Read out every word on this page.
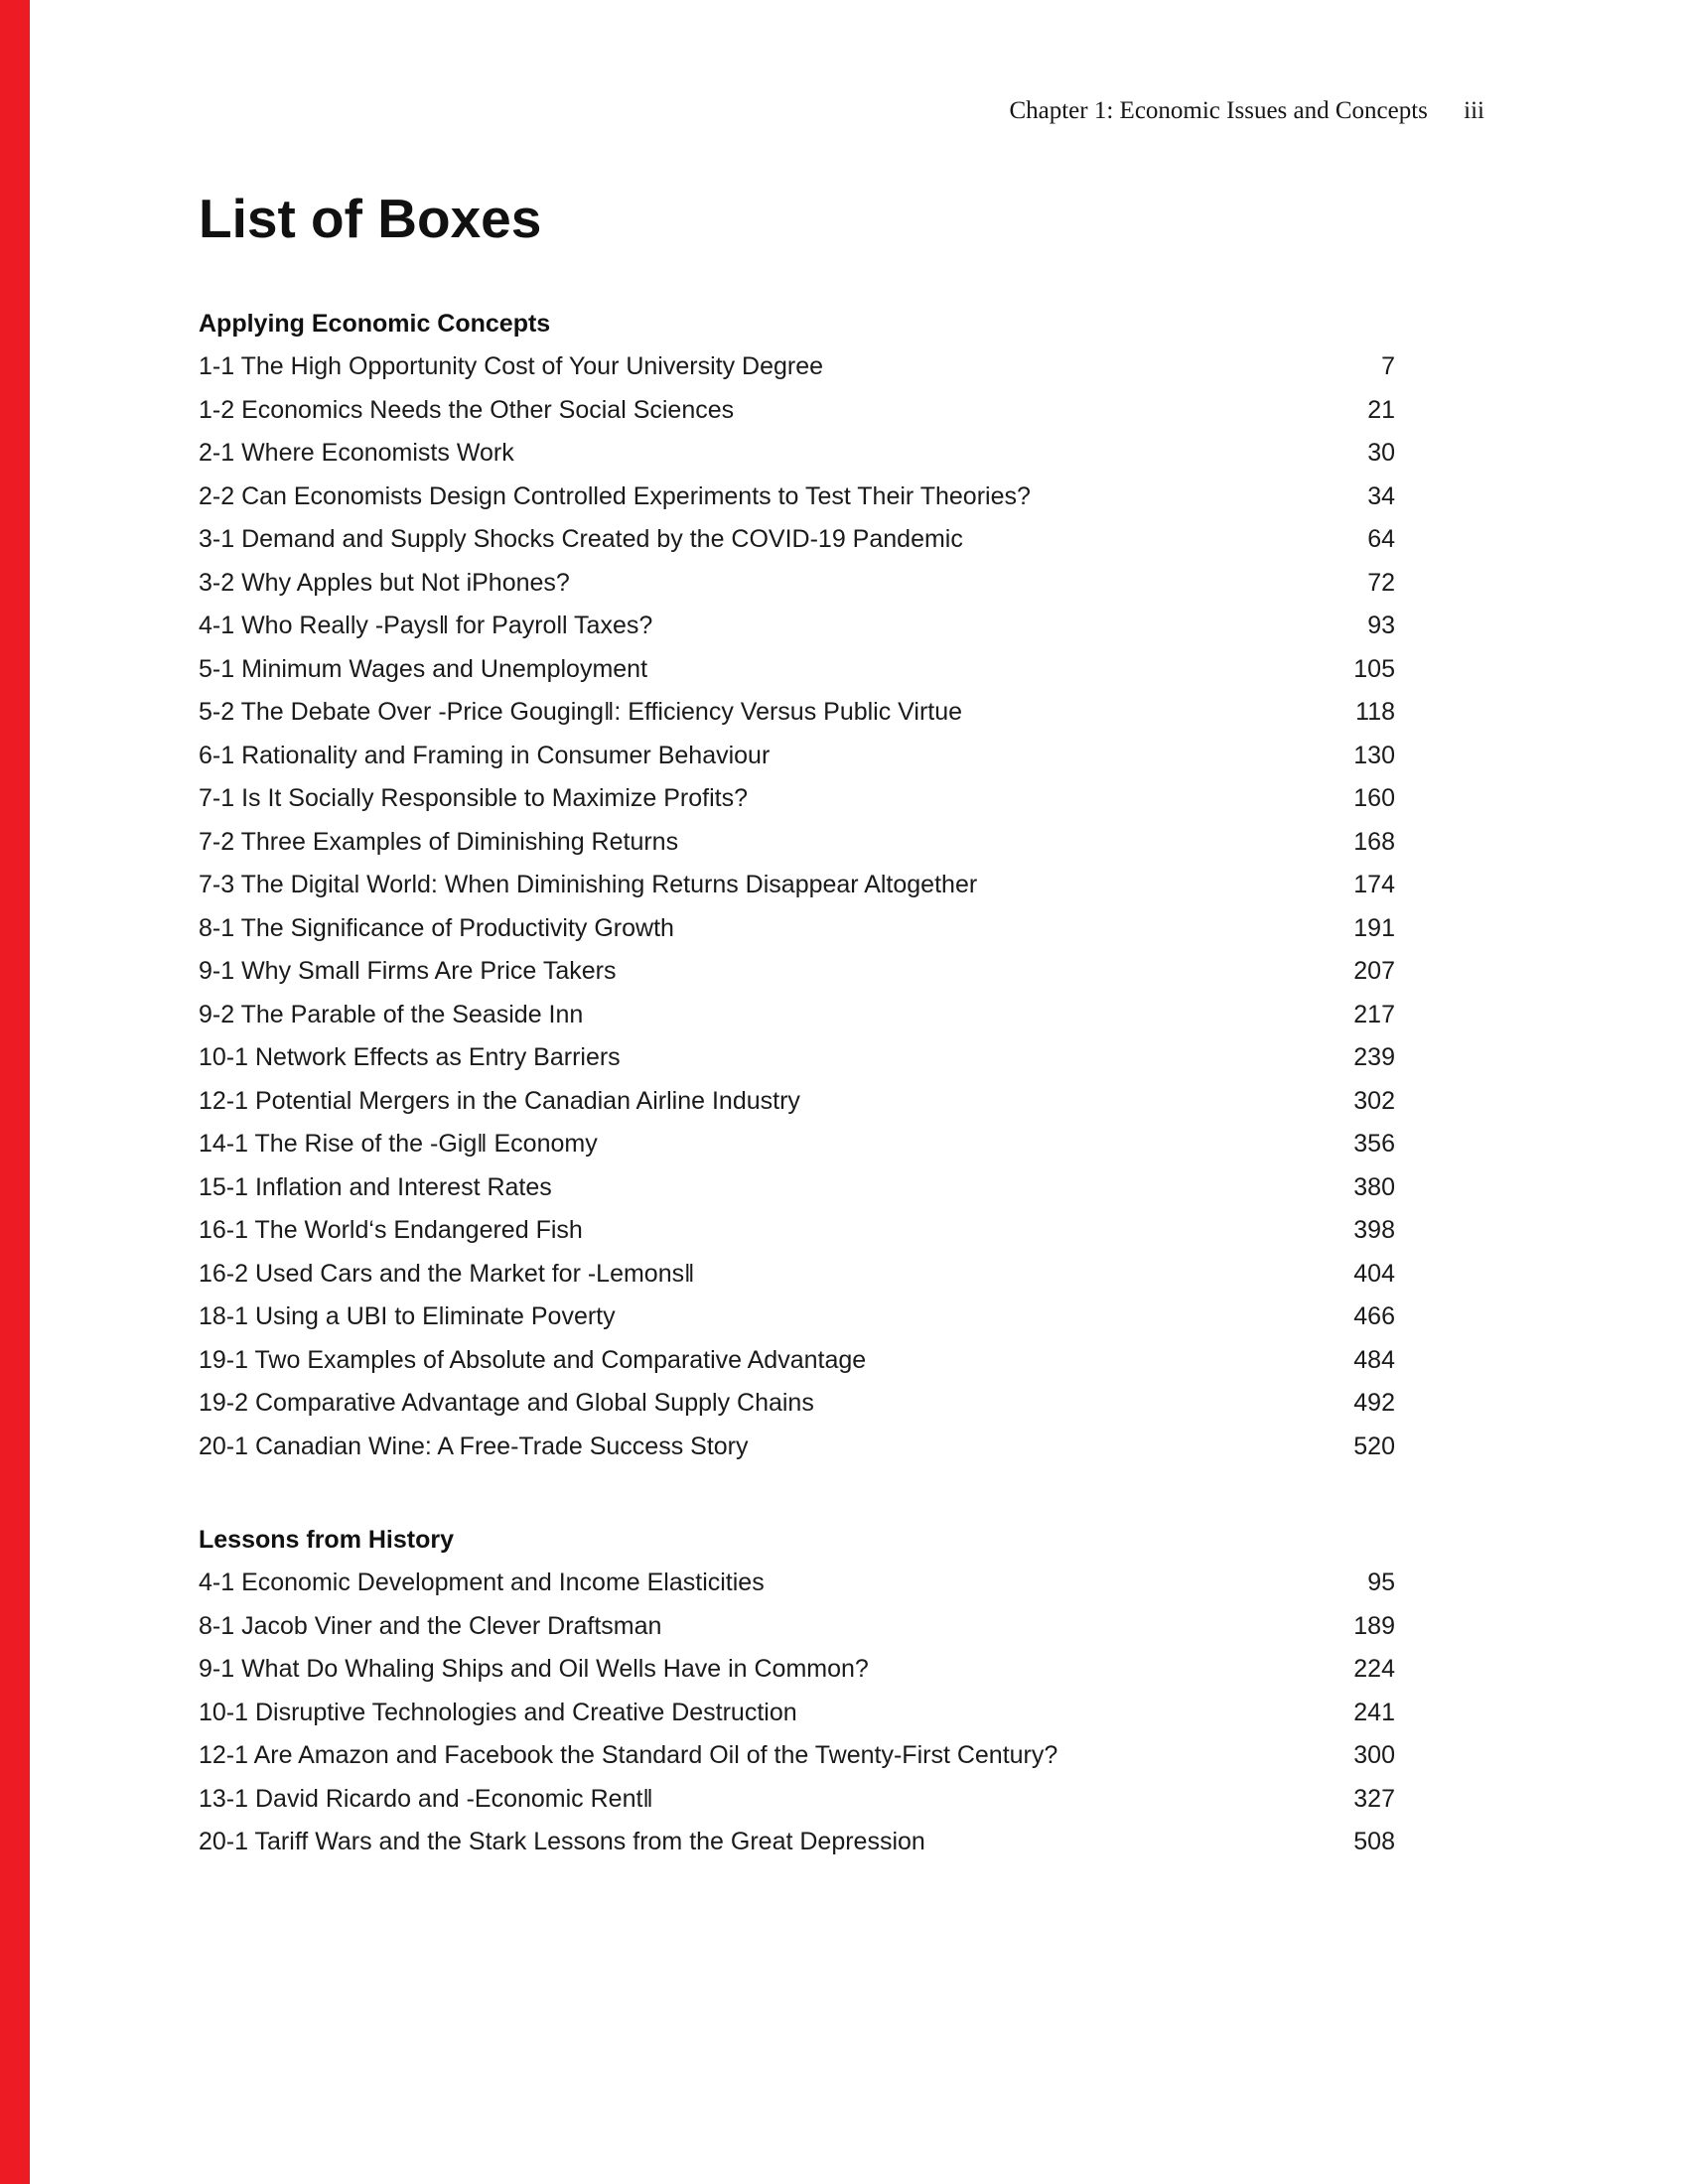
Chapter 1: Economic Issues and Concepts iii
List of Boxes
Applying Economic Concepts
1-1 The High Opportunity Cost of Your University Degree	7
1-2 Economics Needs the Other Social Sciences	21
2-1 Where Economists Work	30
2-2 Can Economists Design Controlled Experiments to Test Their Theories?	34
3-1 Demand and Supply Shocks Created by the COVID-19 Pandemic	64
3-2 Why Apples but Not iPhones?	72
4-1 Who Really -Pays‖ for Payroll Taxes?	93
5-1 Minimum Wages and Unemployment	105
5-2 The Debate Over -Price Gouging‖: Efficiency Versus Public Virtue	118
6-1 Rationality and Framing in Consumer Behaviour	130
7-1 Is It Socially Responsible to Maximize Profits?	160
7-2 Three Examples of Diminishing Returns	168
7-3 The Digital World: When Diminishing Returns Disappear Altogether	174
8-1 The Significance of Productivity Growth	191
9-1 Why Small Firms Are Price Takers	207
9-2 The Parable of the Seaside Inn	217
10-1 Network Effects as Entry Barriers	239
12-1 Potential Mergers in the Canadian Airline Industry	302
14-1 The Rise of the -Gig‖ Economy	356
15-1 Inflation and Interest Rates	380
16-1 The World‘s Endangered Fish	398
16-2 Used Cars and the Market for -Lemons‖	404
18-1 Using a UBI to Eliminate Poverty	466
19-1 Two Examples of Absolute and Comparative Advantage	484
19-2 Comparative Advantage and Global Supply Chains	492
20-1 Canadian Wine: A Free-Trade Success Story	520
Lessons from History
4-1 Economic Development and Income Elasticities	95
8-1 Jacob Viner and the Clever Draftsman	189
9-1 What Do Whaling Ships and Oil Wells Have in Common?	224
10-1 Disruptive Technologies and Creative Destruction	241
12-1 Are Amazon and Facebook the Standard Oil of the Twenty-First Century?	300
13-1 David Ricardo and -Economic Rent‖	327
20-1 Tariff Wars and the Stark Lessons from the Great Depression	508
